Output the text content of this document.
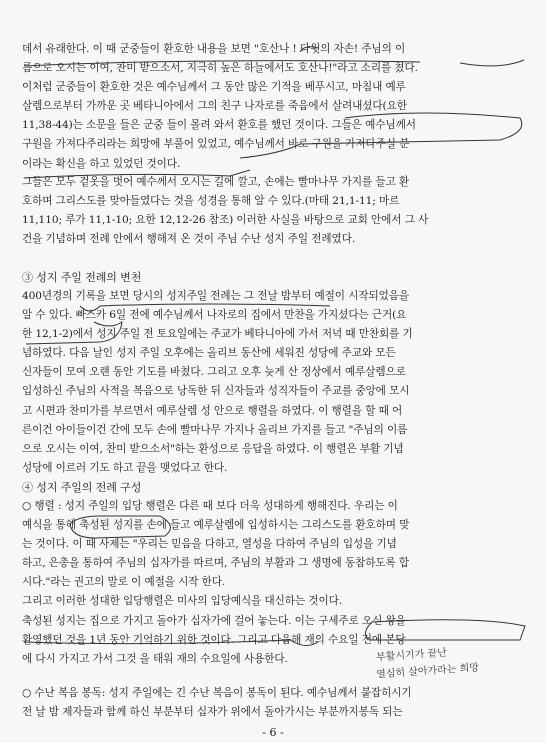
데서 유래한다. 이 때 군중들이 환호한 내용을 보면 "호산나 ! 다윗의 자손! 주님의 이
름으로 오시는 이여, 찬미 받으소서, 지극히 높은 하늘에서도 호산나!"라고 소리를 쳤다.
이처럼 군중들이 환호한 것은 예수님께서 그 동안 많은 기적을 베푸시고, 마침내 예루
살렘으로부터 가까운 곳 베타니아에서 그의 친구 나자로를 죽음에서 살려내셨다(요한
11,38-44)는 소문을 들은 군중 들이 몰려 와서 환호를 했던 것이다. 그들은 예수님께서
구원을 가져다주리라는 희망에 부풀어 있었고, 예수님께서 바로 구원을 가져다주실 분
이라는 확신을 하고 있었던 것이다.
그들은 모두 겉옷을 벗어 예수께서 오시는 길에 깔고, 손에는 빨마나무 가지를 들고 환
호하며 그리스도를 맞아들였다는 것을 성경을 통해 알 수 있다.(마태 21,1-11; 마르
11,110; 루가 11,1-10; 요한 12,12-26 참조) 이러한 사실을 바탕으로 교회 안에서 그 사
건을 기념하며 전례 안에서 행해져 온 것이 주님 수난 성지 주일 전례였다.
③ 성지 주일 전례의 변천
400년경의 기록을 보면 당시의 성지주일 전례는 그 전날 밤부터 예절이 시작되었음을
알 수 있다. 빠스카 6일 전에 예수님께서 나자로의 집에서 만찬을 가지셨다는 근거(요
한 12,1-2)에서 성지 주일 전 토요일에는 주교가 베타니아에 가서 저녁 때 만찬회를 기
념하였다. 다음 날인 성지 주일 오후에는 올리브 동산에 세워진 성당에 주교와 모든
신자들이 모여 오랜 동안 기도를 바쳤다. 그리고 오후 늦게 산 정상에서 예루살렘으로
입성하신 주님의 사적을 복음으로 낭독한 뒤 신자들과 성직자들이 주교를 중앙에 모시
고 시편과 찬미가를 부르면서 예루살렘 성 안으로 행렬을 하였다. 이 행렬을 할 때 어
른이건 아이들이건 간에 모두 손에 빨마나무 가지나 올리브 가지를 들고 "주님의 이름
으로 오시는 이여, 찬미 받으소서"하는 환성으로 응답을 하였다. 이 행렬은 부활 기념
성당에 이르러 기도 하고 끝을 맺었다고 한다.
④ 성지 주일의 전례 구성
○ 행렬 : 성지 주일의 입당 행렬은 다른 때 보다 더욱 성대하게 행해진다. 우리는 이
예식을 통해 축성된 성지를 손에 들고 예루살렘에 입성하시는 그리스도를 환호하며 맞
는 것이다. 이 때 사제는 "우리는 믿음을 다하고, 열성을 다하여 주님의 입성을 기념
하고, 은총을 통하여 주님의 십자가를 따르며, 주님의 부활과 그 생명에 동참하도록 합
시다."라는 권고의 말로 이 예절을 시작 한다.
그리고 이러한 성대한 입당행렬은 미사의 입당예식을 대신하는 것이다.
축성된 성지는 집으로 가지고 돌아가 십자가에 걸어 놓는다. 이는 구세주로 오신 왕을
환영했던 것을 1년 동안 기억하기 위한 것이다. 그리고 다음해 재의 수요일 전에 본당
에 다시 가지고 가서 그것 을 태워 재의 수요일에 사용한다.
○ 수난 복음 봉독: 성지 주일에는 긴 수난 복음이 봉독이 된다. 예수님께서 붙잡히시기
전 날 밤 제자들과 함께 하신 부분부터 십자가 위에서 돌아가시는 부분까지봉독 되는
부활시기가 끝난
열심히 살아가라는 희망
- 6 -
